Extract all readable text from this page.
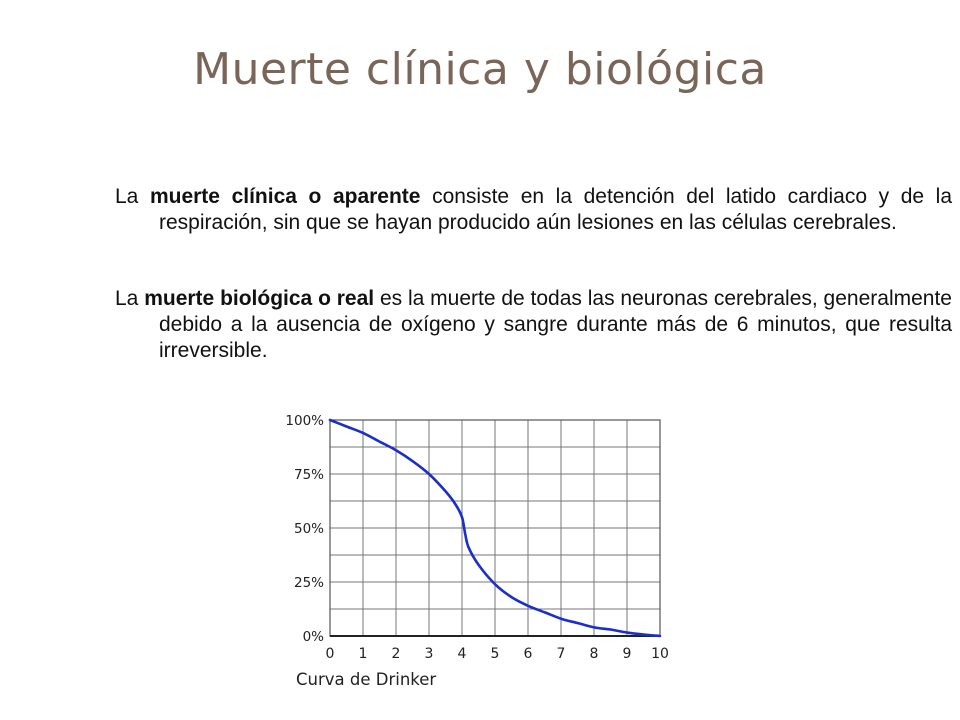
Muerte clínica y biológica

La muerte clínica o aparente consiste en la detención del latido cardiaco y de la respiración, sin que se hayan producido aún lesiones en las células cerebrales.

La muerte biológica o real es la muerte de todas las neuronas cerebrales, generalmente debido a la ausencia de oxígeno y sangre durante más de 6 minutos, que resulta irreversible.

0 1 2 3 4 5 6 7 8 9 10
0%
25%
50%
75%
100%
Curva de Drinker
